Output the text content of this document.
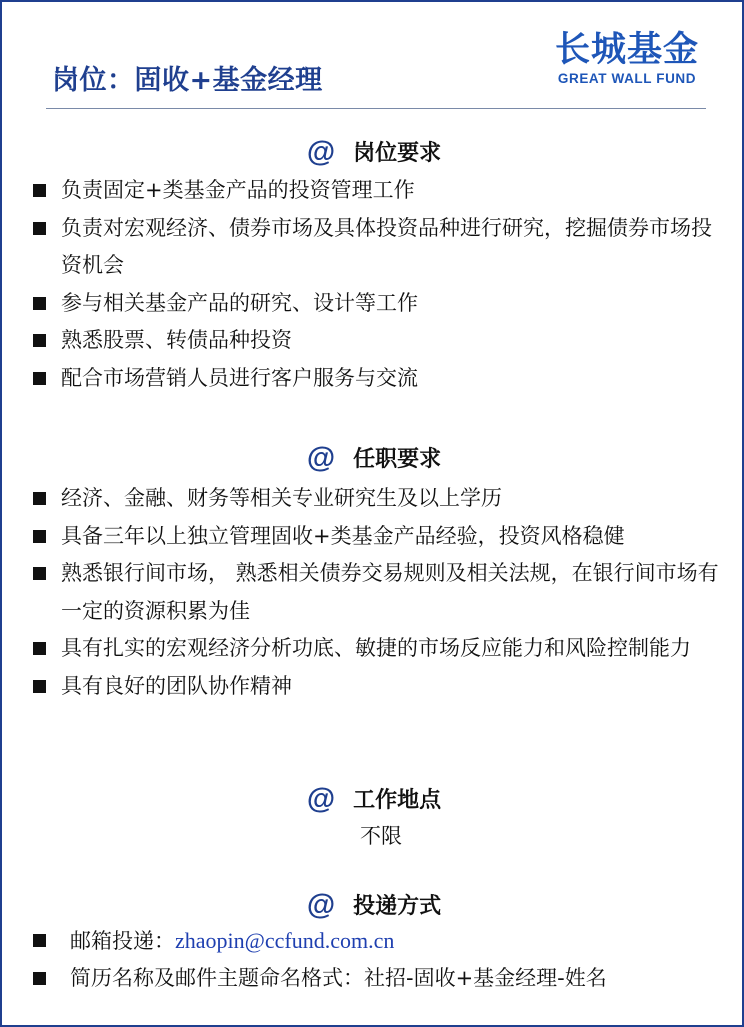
岗位：固收+基金经理
长城基金
GREAT WALL FUND
@ 岗位要求
负责固定+类基金产品的投资管理工作
负责对宏观经济、债券市场及具体投资品种进行研究，挖掘债券市场投资机会
参与相关基金产品的研究、设计等工作
熟悉股票、转债品种投资
配合市场营销人员进行客户服务与交流
@ 任职要求
经济、金融、财务等相关专业研究生及以上学历
具备三年以上独立管理固收+类基金产品经验，投资风格稳健
熟悉银行间市场， 熟悉相关债券交易规则及相关法规，在银行间市场有一定的资源积累为佳
具有扎实的宏观经济分析功底、敏捷的市场反应能力和风险控制能力
具有良好的团队协作精神
@ 工作地点
不限
@ 投递方式
邮箱投递：zhaopin@ccfund.com.cn
简历名称及邮件主题命名格式：社招-固收+基金经理-姓名
